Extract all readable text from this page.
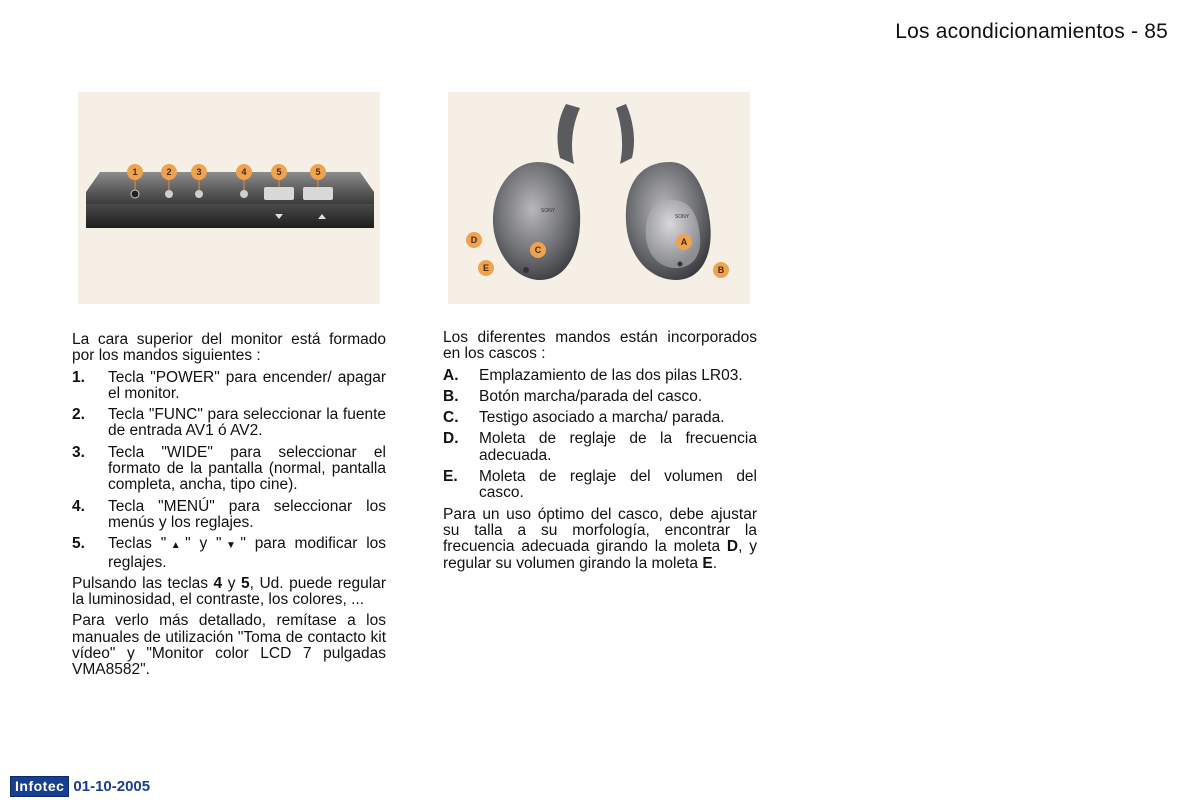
Los acondicionamientos - 85
1	2	3	4	5	5
SONY
SONY
D
C
E
A
B

La cara superior del monitor está formado por los mandos siguientes :

1.	Tecla "POWER" para encender/ apagar el monitor.
2.	Tecla "FUNC" para seleccionar la fuente de entrada AV1 ó AV2.
3.	Tecla "WIDE" para seleccionar el formato de la pantalla (normal, pantalla completa, ancha, tipo cine).
4.	Tecla "MENÚ" para seleccionar los menús y los reglajes.
5.	Teclas "▲" y "▼" para modificar los reglajes.

Pulsando las teclas 4 y 5, Ud. puede regular la luminosidad, el contraste, los colores, ...

Para verlo más detallado, remítase a los manuales de utilización "Toma de contacto kit vídeo" y "Monitor color LCD 7 pulgadas VMA8582".

Los diferentes mandos están incorporados en los cascos :

A.	Emplazamiento de las dos pilas LR03.
B.	Botón marcha/parada del casco.
C.	Testigo asociado a marcha/ parada.
D.	Moleta de reglaje de la frecuencia adecuada.
E.	Moleta de reglaje del volumen del casco.

Para un uso óptimo del casco, debe ajustar su talla a su morfología, encontrar la frecuencia adecuada girando la moleta D, y regular su volumen girando la moleta E.

Infotec 01-10-2005
